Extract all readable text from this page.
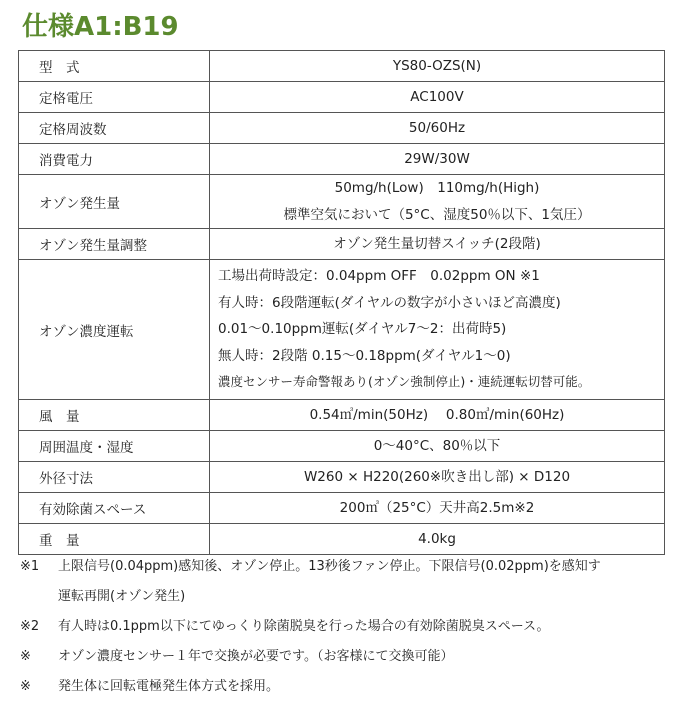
仕様A1:B19
型　式	YS80-OZS(N)

定格電圧	AC100V

定格周波数	50/60Hz

消費電力	29W/30W

オゾン発生量	50mg/h(Low)　110mg/h(High)
標準空気において（5°C、湿度50％以下、1気圧）

オゾン発生量調整	オゾン発生量切替スイッチ(2段階)

オゾン濃度運転	工場出荷時設定：0.04ppm OFF　0.02ppm ON ※1
有人時：6段階運転(ダイヤルの数字が小さいほど高濃度)
0.01～0.10ppm運転(ダイヤル7～2：出荷時5)
無人時：2段階 0.15～0.18ppm(ダイヤル1～0)
濃度センサー寿命警報あり(オゾン強制停止)・連続運転切替可能。

風　量	0.54㎥/min(50Hz)　 0.80㎥/min(60Hz)

周囲温度・湿度	0～40°C、80％以下

外径寸法	W260 × H220(260※吹き出し部) × D120

有効除菌スペース	200㎥（25°C）天井高2.5m※2

重　量	4.0kg
※1 上限信号(0.04ppm)感知後、オゾン停止。13秒後ファン停止。下限信号(0.02ppm)を感知す
運転再開(オゾン発生)
※2 有人時は0.1ppm以下にてゆっくり除菌脱臭を行った場合の有効除菌脱臭スペース。
※ オゾン濃度センサー１年で交換が必要です。（お客様にて交換可能）
※ 発生体に回転電極発生体方式を採用。
